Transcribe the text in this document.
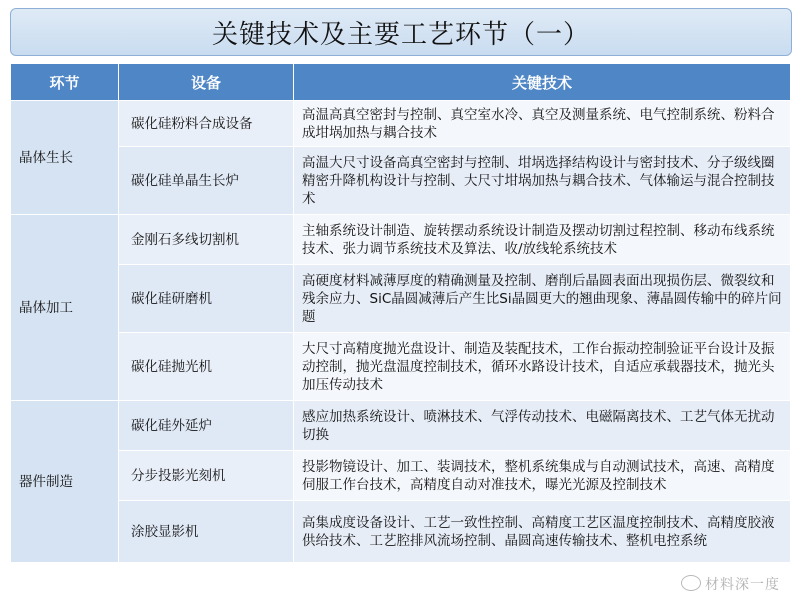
关键技术及主要工艺环节（一）
环节	设备	关键技术
晶体生长	碳化硅粉料合成设备	高温高真空密封与控制、真空室水冷、真空及测量系统、电气控制系统、粉料合成坩埚加热与耦合技术
	碳化硅单晶生长炉	高温大尺寸设备高真空密封与控制、坩埚选择结构设计与密封技术、分子级线圈精密升降机构设计与控制、大尺寸坩埚加热与耦合技术、气体输运与混合控制技术
晶体加工	金刚石多线切割机	主轴系统设计制造、旋转摆动系统设计制造及摆动切割过程控制、移动布线系统技术、张力调节系统技术及算法、收/放线轮系统技术
	碳化硅研磨机	高硬度材料减薄厚度的精确测量及控制、磨削后晶圆表面出现损伤层、微裂纹和残余应力、SiC晶圆减薄后产生比Si晶圆更大的翘曲现象、薄晶圆传输中的碎片问题
	碳化硅抛光机	大尺寸高精度抛光盘设计、制造及装配技术，工作台振动控制验证平台设计及振动控制，抛光盘温度控制技术，循环水路设计技术，自适应承载器技术，抛光头加压传动技术
器件制造	碳化硅外延炉	感应加热系统设计、喷淋技术、气浮传动技术、电磁隔离技术、工艺气体无扰动切换
	分步投影光刻机	投影物镜设计、加工、装调技术，整机系统集成与自动测试技术，高速、高精度伺服工作台技术，高精度自动对准技术，曝光光源及控制技术
	涂胶显影机	高集成度设备设计、工艺一致性控制、高精度工艺区温度控制技术、高精度胶液供给技术、工艺腔排风流场控制、晶圆高速传输技术、整机电控系统
材料深一度
